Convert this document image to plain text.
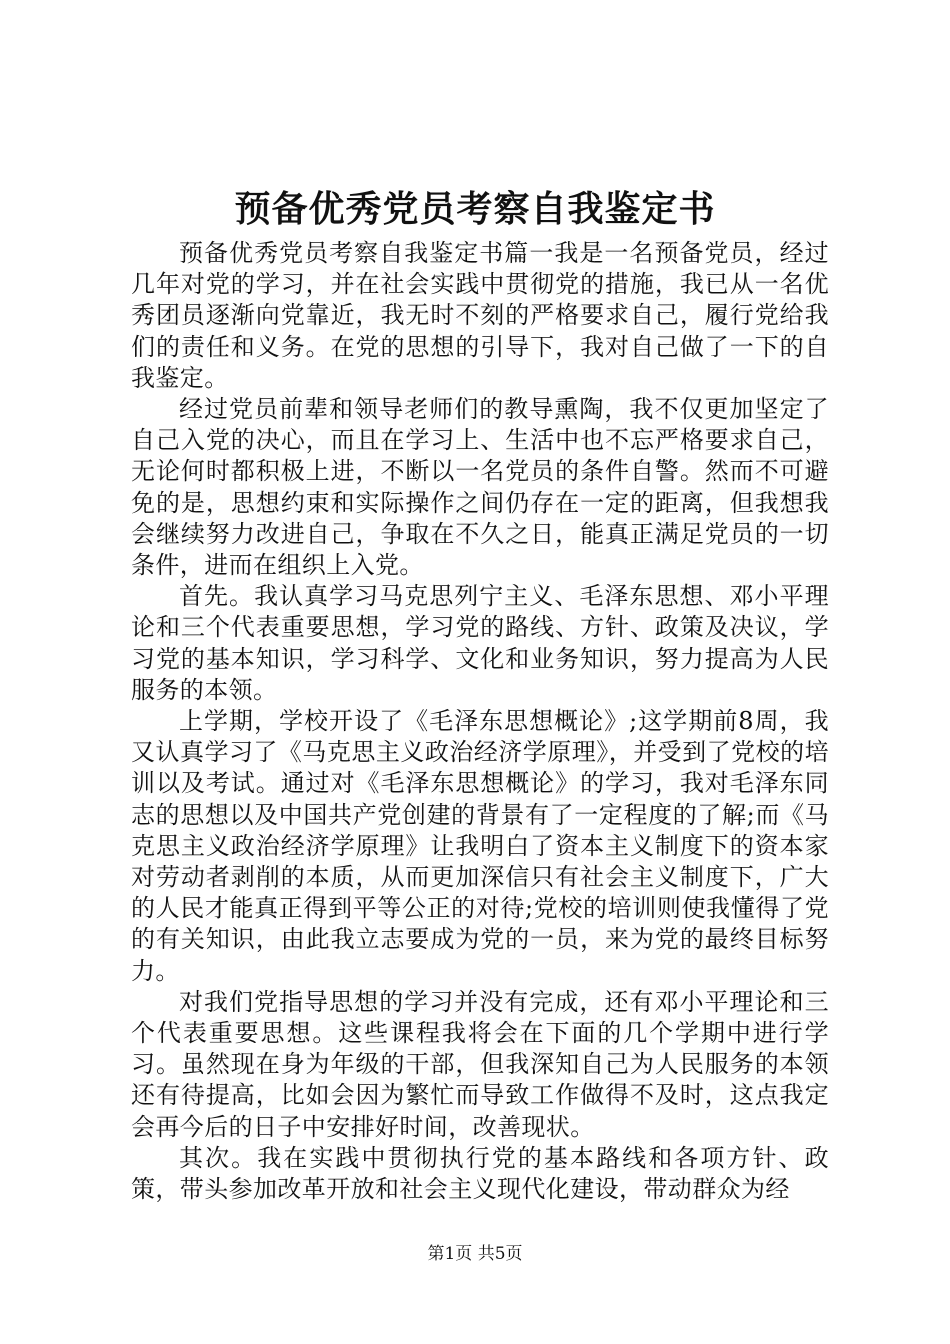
预备优秀党员考察自我鉴定书

预备优秀党员考察自我鉴定书篇一我是一名预备党员，经过几年对党的学习，并在社会实践中贯彻党的措施，我已从一名优秀团员逐渐向党靠近，我无时不刻的严格要求自己，履行党给我们的责任和义务。在党的思想的引导下，我对自己做了一下的自我鉴定。

经过党员前辈和领导老师们的教导熏陶，我不仅更加坚定了自己入党的决心，而且在学习上、生活中也不忘严格要求自己，无论何时都积极上进，不断以一名党员的条件自警。然而不可避免的是，思想约束和实际操作之间仍存在一定的距离，但我想我会继续努力改进自己，争取在不久之日，能真正满足党员的一切条件，进而在组织上入党。

首先。我认真学习马克思列宁主义、毛泽东思想、邓小平理论和三个代表重要思想，学习党的路线、方针、政策及决议，学习党的基本知识，学习科学、文化和业务知识，努力提高为人民服务的本领。

上学期，学校开设了《毛泽东思想概论》;这学期前8周，我又认真学习了《马克思主义政治经济学原理》，并受到了党校的培训以及考试。通过对《毛泽东思想概论》的学习，我对毛泽东同志的思想以及中国共产党创建的背景有了一定程度的了解;而《马克思主义政治经济学原理》让我明白了资本主义制度下的资本家对劳动者剥削的本质，从而更加深信只有社会主义制度下，广大的人民才能真正得到平等公正的对待;党校的培训则使我懂得了党的有关知识，由此我立志要成为党的一员，来为党的最终目标努力。

对我们党指导思想的学习并没有完成，还有邓小平理论和三个代表重要思想。这些课程我将会在下面的几个学期中进行学习。虽然现在身为年级的干部，但我深知自己为人民服务的本领还有待提高，比如会因为繁忙而导致工作做得不及时，这点我定会再今后的日子中安排好时间，改善现状。

其次。我在实践中贯彻执行党的基本路线和各项方针、政策，带头参加改革开放和社会主义现代化建设，带动群众为经

第1页 共5页
